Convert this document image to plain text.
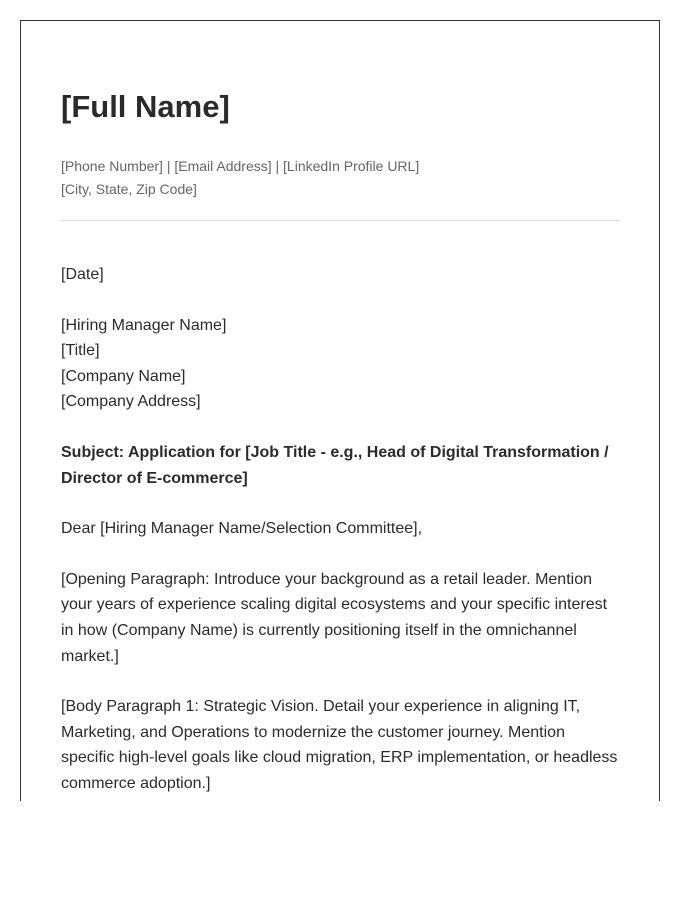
[Full Name]
[Phone Number] | [Email Address] | [LinkedIn Profile URL]
[City, State, Zip Code]

[Date]

[Hiring Manager Name]
[Title]
[Company Name]
[Company Address]

Subject: Application for [Job Title - e.g., Head of Digital Transformation / Director of E-commerce]

Dear [Hiring Manager Name/Selection Committee],

[Opening Paragraph: Introduce your background as a retail leader. Mention your years of experience scaling digital ecosystems and your specific interest in how (Company Name) is currently positioning itself in the omnichannel market.]

[Body Paragraph 1: Strategic Vision. Detail your experience in aligning IT, Marketing, and Operations to modernize the customer journey. Mention specific high-level goals like cloud migration, ERP implementation, or headless commerce adoption.]
